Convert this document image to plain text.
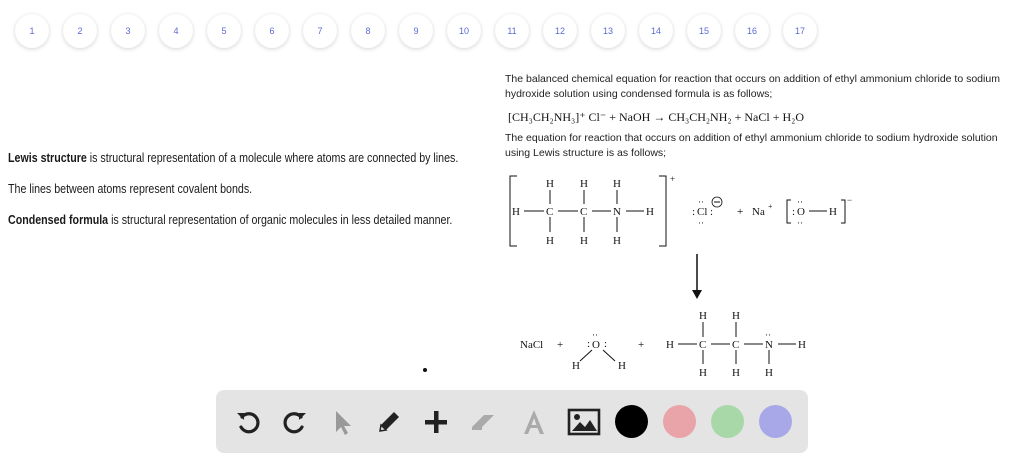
1	2	3	4	5	6	7	8	9	10	11	12	13	14	15	16	17
Lewis structure is structural representation of a molecule where atoms are connected by lines.
The lines between atoms represent covalent bonds.
Condensed formula is structural representation of organic molecules in less detailed manner.
The balanced chemical equation for reaction that occurs on addition of ethyl ammonium chloride to sodium hydroxide solution using condensed formula is as follows;
[CH₃CH₂NH₃]⁺ Cl⁻ + NaOH → CH₃CH₂NH₂ + NaCl + H₂O
The equation for reaction that occurs on addition of ethyl ammonium chloride to sodium hydroxide solution using Lewis structure is as follows;
+
H C C N H
H H H
H H H
: Cl :
··
··
+ Na + : O
··
··
H
−
NaCl +	O
··
: :
H	H
+ H C C N
··
H
H H
H H H
